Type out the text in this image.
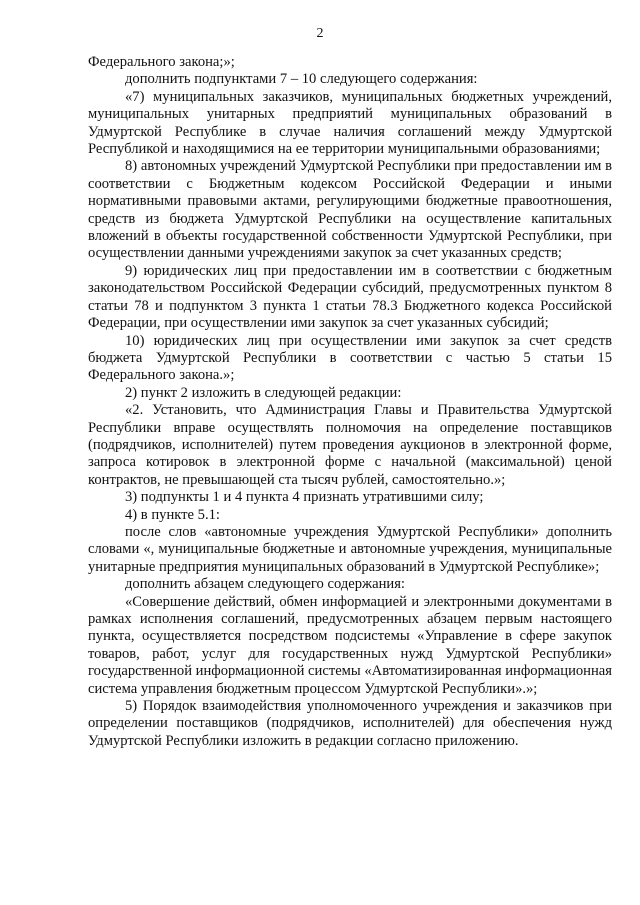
2

Федерального закона;»;

дополнить подпунктами 7 – 10 следующего содержания:

«7) муниципальных заказчиков, муниципальных бюджетных учреждений, муниципальных унитарных предприятий муниципальных образований в Удмуртской Республике в случае наличия соглашений между Удмуртской Республикой и находящимися на ее территории муниципальными образованиями;

8) автономных учреждений Удмуртской Республики при предоставлении им в соответствии с Бюджетным кодексом Российской Федерации и иными нормативными правовыми актами, регулирующими бюджетные правоотношения, средств из бюджета Удмуртской Республики на осуществление капитальных вложений в объекты государственной собственности Удмуртской Республики, при осуществлении данными учреждениями закупок за счет указанных средств;

9) юридических лиц при предоставлении им в соответствии с бюджетным законодательством Российской Федерации субсидий, предусмотренных пунктом 8 статьи 78 и подпунктом 3 пункта 1 статьи 78.3 Бюджетного кодекса Российской Федерации, при осуществлении ими закупок за счет указанных субсидий;

10) юридических лиц при осуществлении ими закупок за счет средств бюджета Удмуртской Республики в соответствии с частью 5 статьи 15 Федерального закона.»;

2) пункт 2 изложить в следующей редакции:

«2. Установить, что Администрация Главы и Правительства Удмуртской Республики вправе осуществлять полномочия на определение поставщиков (подрядчиков, исполнителей) путем проведения аукционов в электронной форме, запроса котировок в электронной форме с начальной (максимальной) ценой контрактов, не превышающей ста тысяч рублей, самостоятельно.»;

3) подпункты 1 и 4 пункта 4 признать утратившими силу;

4) в пункте 5.1:

после слов «автономные учреждения Удмуртской Республики» дополнить словами «, муниципальные бюджетные и автономные учреждения, муниципальные унитарные предприятия муниципальных образований в Удмуртской Республике»;

дополнить абзацем следующего содержания:

«Совершение действий, обмен информацией и электронными документами в рамках исполнения соглашений, предусмотренных абзацем первым настоящего пункта, осуществляется посредством подсистемы «Управление в сфере закупок товаров, работ, услуг для государственных нужд Удмуртской Республики» государственной информационной системы «Автоматизированная информационная система управления бюджетным процессом Удмуртской Республики».»;

5) Порядок взаимодействия уполномоченного учреждения и заказчиков при определении поставщиков (подрядчиков, исполнителей) для обеспечения нужд Удмуртской Республики изложить в редакции согласно приложению.
